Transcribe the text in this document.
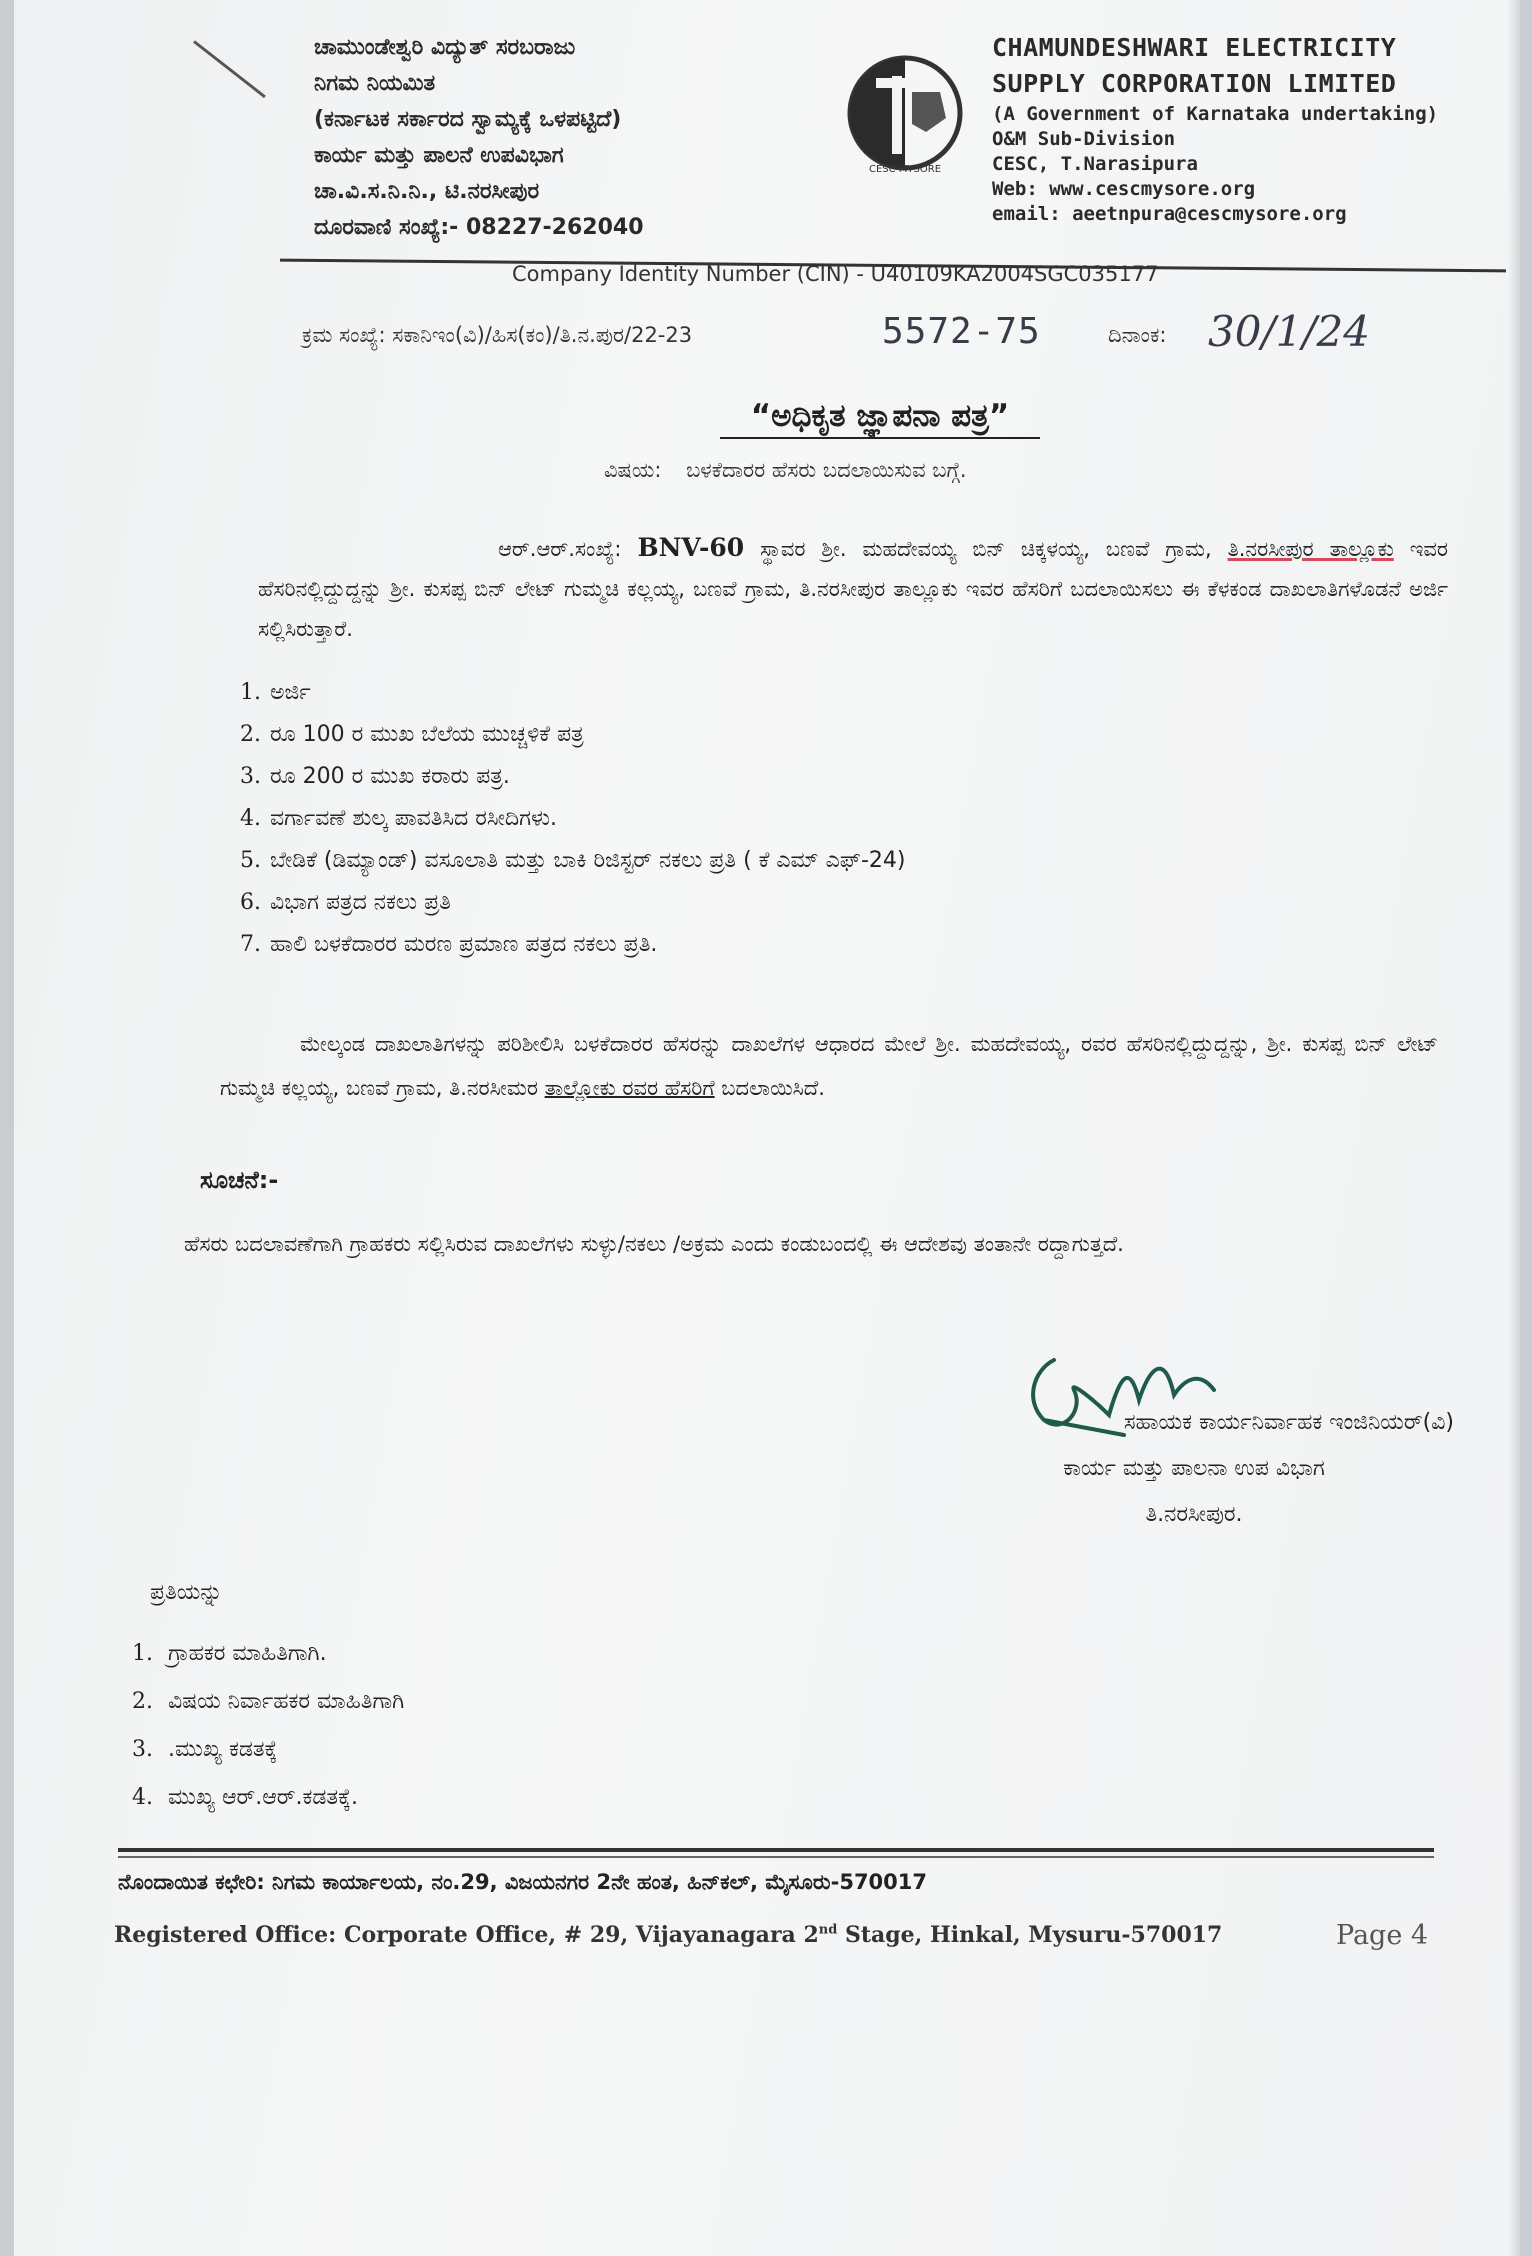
ಚಾಮುಂಡೇಶ್ವರಿ ವಿದ್ಯುತ್ ಸರಬರಾಜು
ನಿಗಮ ನಿಯಮಿತ
(ಕರ್ನಾಟಕ ಸರ್ಕಾರದ ಸ್ವಾಮ್ಯಕ್ಕೆ ಒಳಪಟ್ಟಿದೆ)
ಕಾರ್ಯ ಮತ್ತು ಪಾಲನೆ ಉಪವಿಭಾಗ
ಚಾ.ವಿ.ಸ.ನಿ.ನಿ., ಟಿ.ನರಸೀಪುರ
ದೂರವಾಣಿ ಸಂಖ್ಯೆ:- 08227-262040
CESC MYSORE
CHAMUNDESHWARI ELECTRICITY
SUPPLY CORPORATION LIMITED
(A Government of Karnataka undertaking)
O&M Sub-Division
CESC, T.Narasipura
Web: www.cescmysore.org
email: aeetnpura@cescmysore.org
Company Identity Number (CIN) - U40109KA2004SGC035177
ಕ್ರಮ ಸಂಖ್ಯೆ: ಸಕಾನಿಇಂ(ವಿ)/ಹಿಸ(ಕಂ)/ತಿ.ನ.ಪುರ/22-23	5572-75	ದಿನಾಂಕ: 30/1/24
“ಅಧಿಕೃತ ಜ್ಞಾಪನಾ ಪತ್ರ”
ವಿಷಯ: ಬಳಕೆದಾರರ ಹೆಸರು ಬದಲಾಯಿಸುವ ಬಗ್ಗೆ.
ಆರ್.ಆರ್.ಸಂಖ್ಯೆ: BNV-60 ಸ್ಥಾವರ ಶ್ರೀ. ಮಹದೇವಯ್ಯ ಬಿನ್ ಚಿಕ್ಕಳಯ್ಯ, ಬಣವೆ ಗ್ರಾಮ, ತಿ.ನರಸೀಪುರ ತಾಲ್ಲೂಕು ಇವರ ಹೆಸರಿನಲ್ಲಿದ್ದುದ್ದನ್ನು ಶ್ರೀ. ಕುಸಪ್ಪ ಬಿನ್ ಲೇಟ್ ಗುಮ್ಮಚಿ ಕಲ್ಲಯ್ಯ, ಬಣವೆ ಗ್ರಾಮ, ತಿ.ನರಸೀಪುರ ತಾಲ್ಲೂಕು ಇವರ ಹೆಸರಿಗೆ ಬದಲಾಯಿಸಲು ಈ ಕೆಳಕಂಡ ದಾಖಲಾತಿಗಳೊಡನೆ ಅರ್ಜಿ ಸಲ್ಲಿಸಿರುತ್ತಾರೆ.
1. ಅರ್ಜಿ
2. ರೂ 100 ರ ಮುಖ ಬೆಲೆಯ ಮುಚ್ಚಳಿಕೆ ಪತ್ರ
3. ರೂ 200 ರ ಮುಖ ಕರಾರು ಪತ್ರ.
4. ವರ್ಗಾವಣೆ ಶುಲ್ಕ ಪಾವತಿಸಿದ ರಸೀದಿಗಳು.
5. ಬೇಡಿಕೆ (ಡಿಮ್ಯಾಂಡ್) ವಸೂಲಾತಿ ಮತ್ತು ಬಾಕಿ ರಿಜಿಸ್ಟರ್ ನಕಲು ಪ್ರತಿ ( ಕೆ ಎಮ್ ಎಫ್-24)
6. ವಿಭಾಗ ಪತ್ರದ ನಕಲು ಪ್ರತಿ
7. ಹಾಲಿ ಬಳಕೆದಾರರ ಮರಣ ಪ್ರಮಾಣ ಪತ್ರದ ನಕಲು ಪ್ರತಿ.
ಮೇಲ್ಕಂಡ ದಾಖಲಾತಿಗಳನ್ನು ಪರಿಶೀಲಿಸಿ ಬಳಕೆದಾರರ ಹೆಸರನ್ನು ದಾಖಲೆಗಳ ಆಧಾರದ ಮೇಲೆ ಶ್ರೀ. ಮಹದೇವಯ್ಯ, ರವರ ಹೆಸರಿನಲ್ಲಿದ್ದುದ್ದನ್ನು, ಶ್ರೀ. ಕುಸಪ್ಪ ಬಿನ್ ಲೇಟ್ ಗುಮ್ಮಚಿ ಕಲ್ಲಯ್ಯ, ಬಣವೆ ಗ್ರಾಮ, ತಿ.ನರಸೀಮರ ತಾಲ್ಲೋಕು ರವರ ಹೆಸರಿಗೆ ಬದಲಾಯಿಸಿದೆ.
ಸೂಚನೆ:-
ಹೆಸರು ಬದಲಾವಣೆಗಾಗಿ ಗ್ರಾಹಕರು ಸಲ್ಲಿಸಿರುವ ದಾಖಲೆಗಳು ಸುಳ್ಳು/ನಕಲು /ಅಕ್ರಮ ಎಂದು ಕಂಡುಬಂದಲ್ಲಿ ಈ ಆದೇಶವು ತಂತಾನೇ ರದ್ದಾಗುತ್ತದೆ.
ಸಹಾಯಕ ಕಾರ್ಯನಿರ್ವಾಹಕ ಇಂಜಿನಿಯರ್(ವಿ)
ಕಾರ್ಯ ಮತ್ತು ಪಾಲನಾ ಉಪ ವಿಭಾಗ
ತಿ.ನರಸೀಪುರ.
ಪ್ರತಿಯನ್ನು
1. ಗ್ರಾಹಕರ ಮಾಹಿತಿಗಾಗಿ.
2. ವಿಷಯ ನಿರ್ವಾಹಕರ ಮಾಹಿತಿಗಾಗಿ
3. .ಮುಖ್ಯ ಕಡತಕ್ಕೆ
4. ಮುಖ್ಯ ಆರ್.ಆರ್.ಕಡತಕ್ಕೆ.
ನೊಂದಾಯಿತ ಕಛೇರಿ: ನಿಗಮ ಕಾರ್ಯಾಲಯ, ನಂ.29, ವಿಜಯನಗರ 2ನೇ ಹಂತ, ಹಿನ್‌ಕಲ್, ಮೈಸೂರು-570017
Registered Office: Corporate Office, # 29, Vijayanagara 2nd Stage, Hinkal, Mysuru-570017	Page 4
